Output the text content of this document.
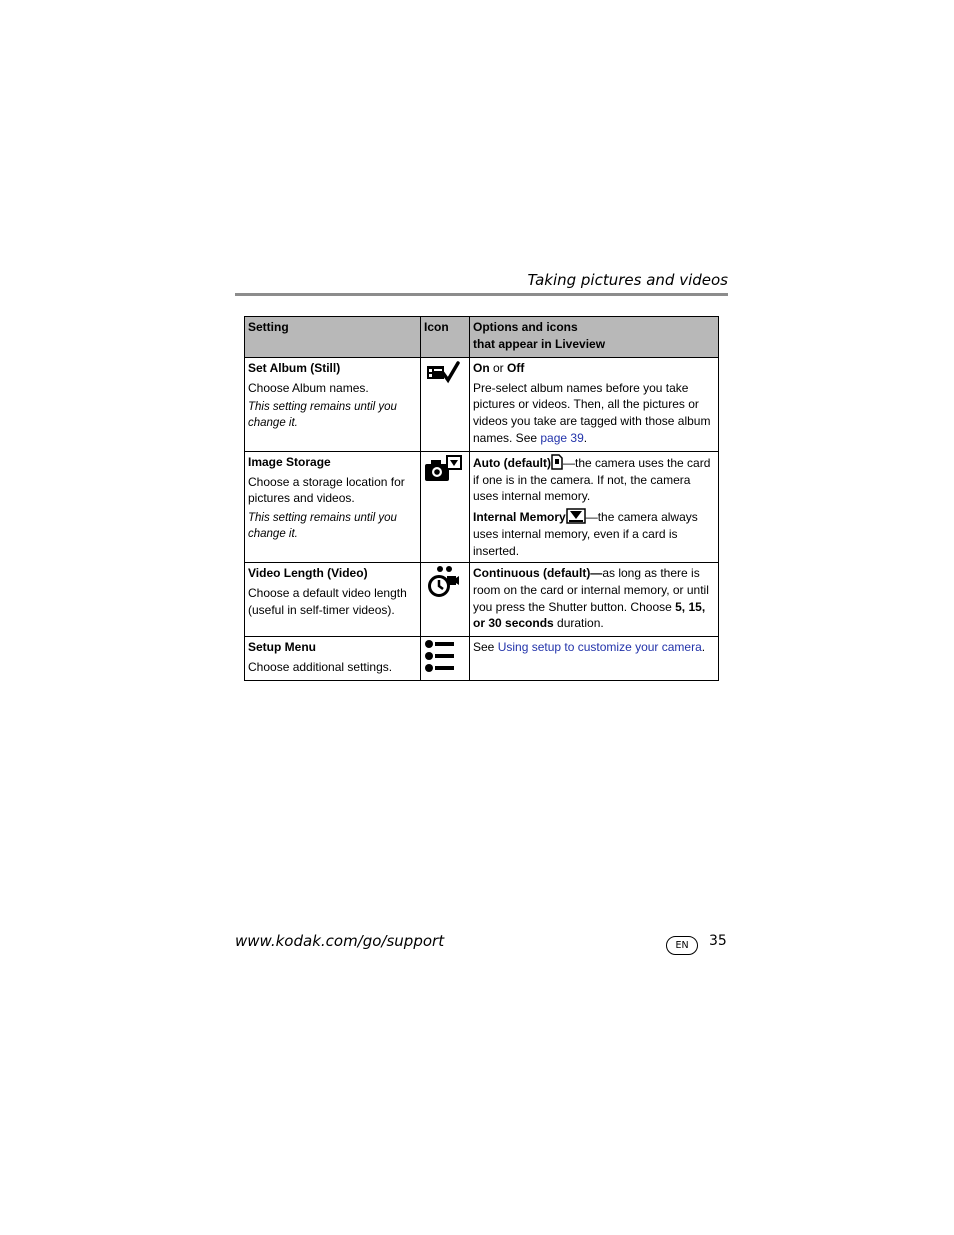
Taking pictures and videos
Setting	Icon	Options and icons
that appear in Liveview

Set Album (Still)
Choose Album names.
This setting remains until you change it.		On or Off
Pre-select album names before you take pictures or videos. Then, all the pictures or videos you take are tagged with those album names. See page 39.

Image Storage
Choose a storage location for pictures and videos.
This setting remains until you change it.		Auto (default) —the camera uses the card if one is in the camera. If not, the camera uses internal memory.
Internal Memory —the camera always uses internal memory, even if a card is inserted.

Video Length (Video)
Choose a default video length (useful in self-timer videos).		Continuous (default)—as long as there is room on the card or internal memory, or until you press the Shutter button. Choose 5, 15, or 30 seconds duration.

Setup Menu
Choose additional settings.		See Using setup to customize your camera.
www.kodak.com/go/support	EN	35
